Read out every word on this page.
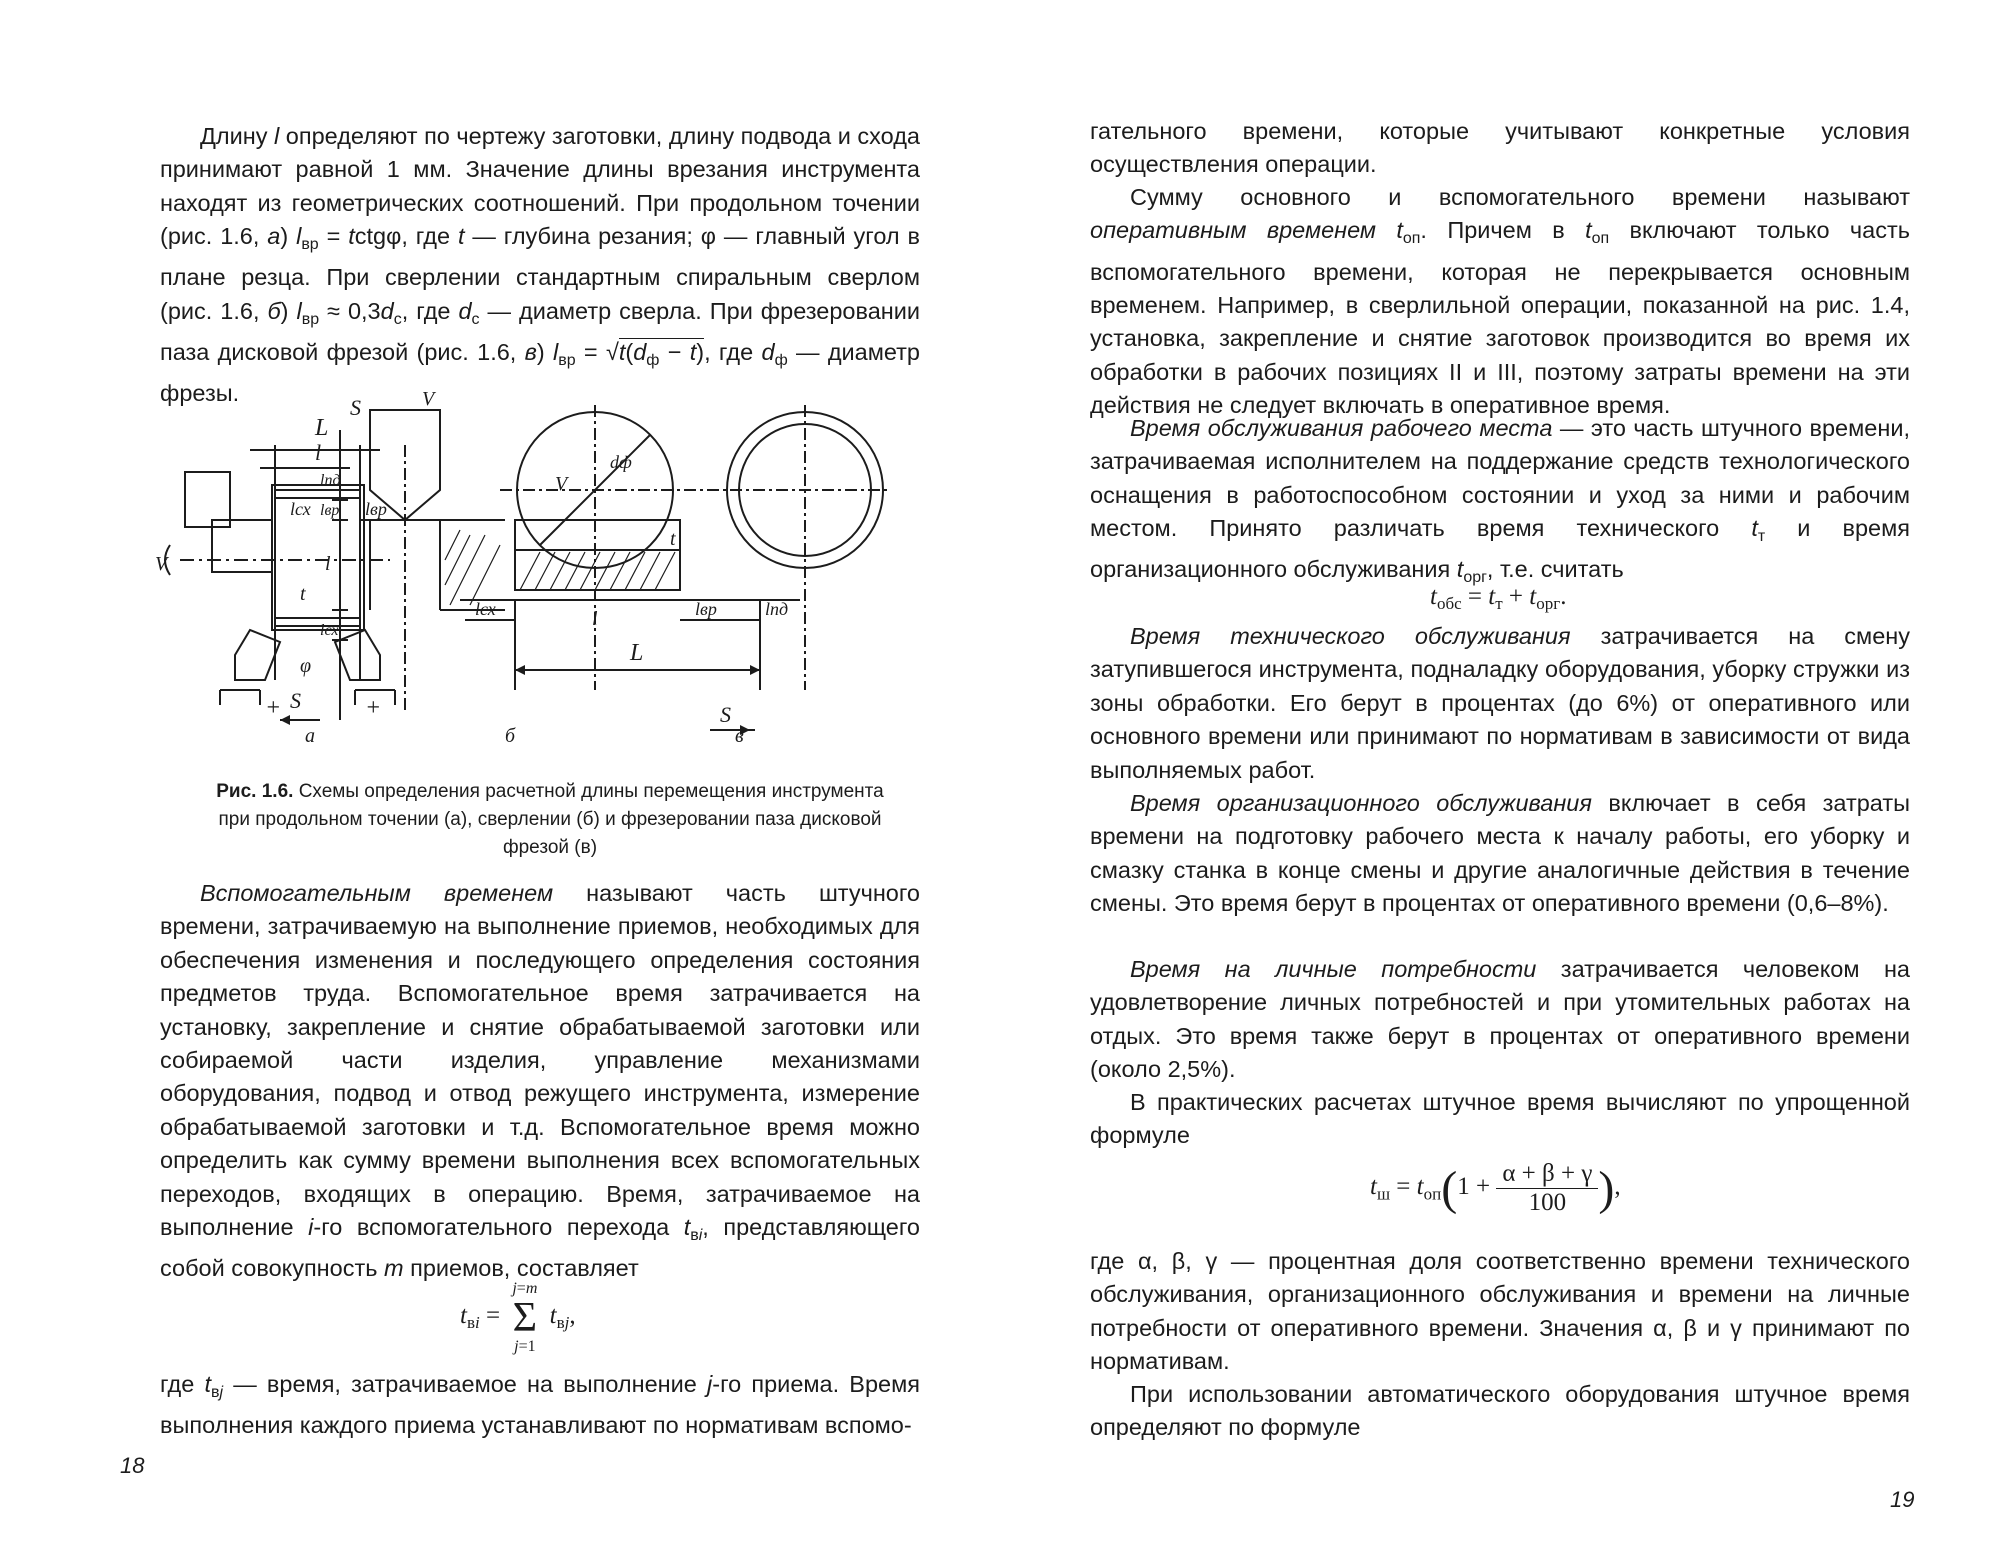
Длину l определяют по чертежу заготовки, длину подвода и схода принимают равной 1 мм. Значение длины врезания инструмента находят из геометрических соотношений. При продольном точении (рис. 1.6, а) $l_{вр}$ = tctgφ, где t — глубина резания; φ — главный угол в плане резца. При сверлении стандартным спиральным сверлом (рис. 1.6, б) $l_{вр} \approx 0,3d_с$, где $d_с$ — диаметр сверла. При фрезеровании паза дисковой фрезой (рис. 1.6, в) $l_{вр} = √t(d_ф - t)$, где $d_ф$ — диаметр фрезы.

L
l
lсх	lвр
V
t
φ
+	+
S
S	V
lпд
lвр
l
lсх
V
dф
t
lсх	l	lвр	lпд
L
S
а	б	в
Рис. 1.6. Схемы определения расчетной длины перемещения инструмента при продольном точении (а), сверлении (б) и фрезеровании паза дисковой фрезой (в)

Вспомогательным временем называют часть штучного времени, затрачиваемую на выполнение приемов, необходимых для обеспечения изменения и последующего определения состояния предметов труда. Вспомогательное время затрачивается на установку, закрепление и снятие обрабатываемой заготовки или собираемой части изделия, управление механизмами оборудования, подвод и отвод режущего инструмента, измерение обрабатываемой заготовки и т.д. Вспомогательное время можно определить как сумму времени выполнения всех вспомогательных переходов, входящих в операцию. Время, затрачиваемое на выполнение i-го вспомогательного перехода $t_{вi}$, представляющего собой совокупность m приемов, составляет

$t_{вi}$ =
j=m
Σ
j=1
$t_{вj}$,

где $t_{вj}$ — время, затрачиваемое на выполнение j-го приема. Время выполнения каждого приема устанавливают по нормативам вспомо-

18

гательного времени, которые учитывают конкретные условия осуществления операции.

Сумму основного и вспомогательного времени называют оперативным временем $t_{оп}$. Причем в $t_{оп}$ включают только часть вспомогательного времени, которая не перекрывается основным временем. Например, в сверлильной операции, показанной на рис. 1.4, установка, закрепление и снятие заготовок производится во время их обработки в рабочих позициях II и III, поэтому затраты времени на эти действия не следует включать в оперативное время.

Время обслуживания рабочего места — это часть штучного времени, затрачиваемая исполнителем на поддержание средств технологического оснащения в работоспособном состоянии и уход за ними и рабочим местом. Принято различать время технического $t_т$ и время организационного обслуживания $t_{орг}$, т.е. считать

$t_{обс} = t_т + t_{орг}$.

Время технического обслуживания затрачивается на смену затупившегося инструмента, подналадку оборудования, уборку стружки из зоны обработки. Его берут в процентах (до 6%) от оперативного или основного времени или принимают по нормативам в зависимости от вида выполняемых работ.

Время организационного обслуживания включает в себя затраты времени на подготовку рабочего места к началу работы, его уборку и смазку станка в конце смены и другие аналогичные действия в течение смены. Это время берут в процентах от оперативного времени (0,6–8%).

Время на личные потребности затрачивается человеком на удовлетворение личных потребностей и при утомительных работах на отдых. Это время также берут в процентах от оперативного времени (около 2,5%).

В практических расчетах штучное время вычисляют по упрощенной формуле

$t_ш = t_{оп}(1 + \frac{\alpha + \beta + \gamma}{100}$ ),

где α, β, γ — процентная доля соответственно времени технического обслуживания, организационного обслуживания и времени на личные потребности от оперативного времени. Значения α, β и γ принимают по нормативам.

При использовании автоматического оборудования штучное время определяют по формуле

19
